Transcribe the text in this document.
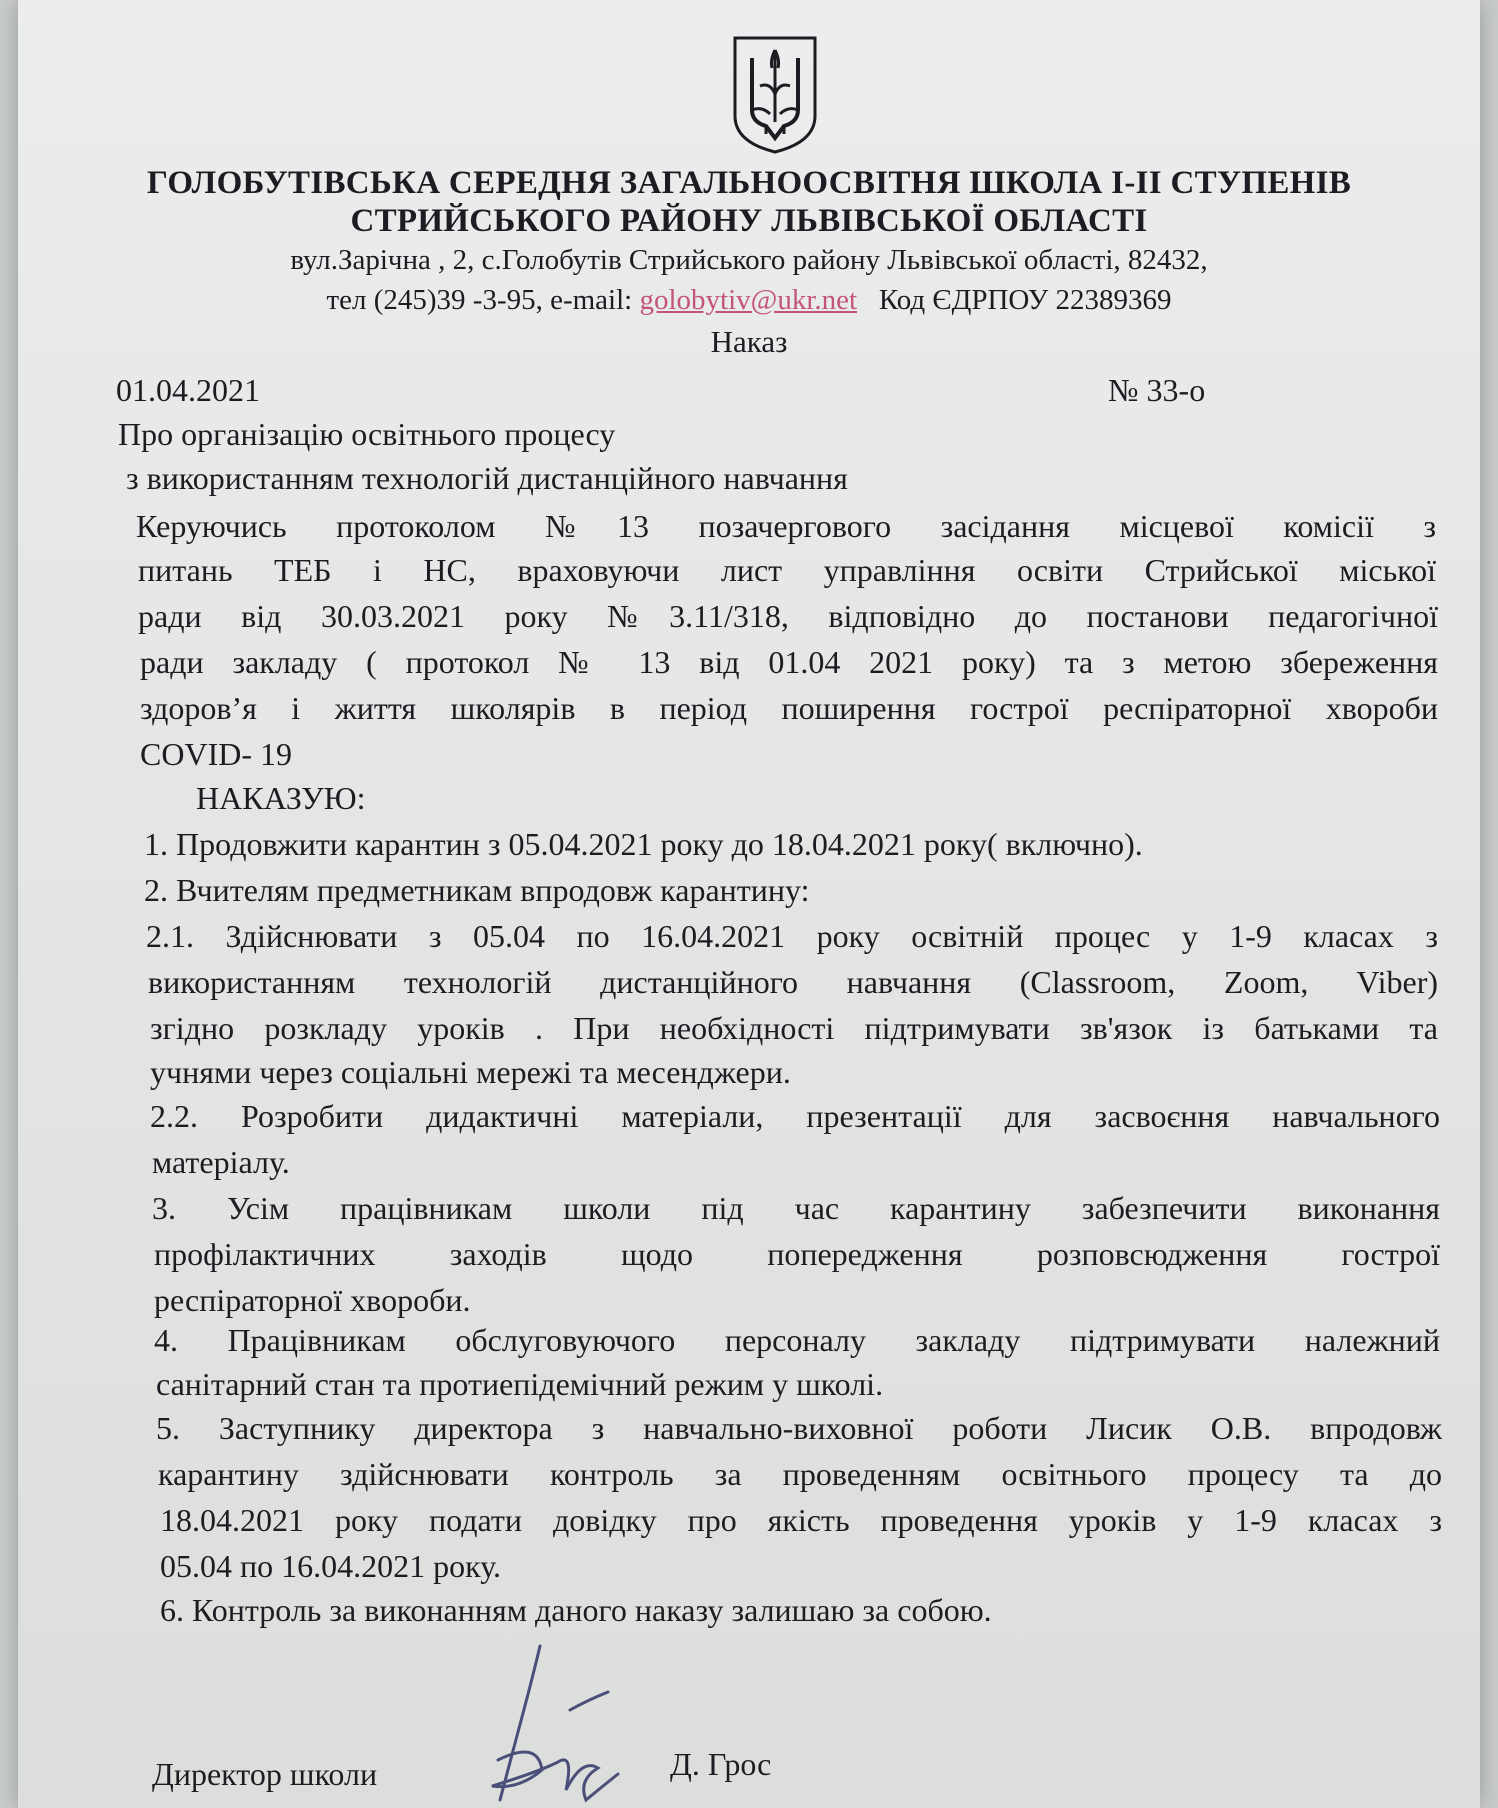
ГОЛОБУТІВСЬКА СЕРЕДНЯ ЗАГАЛЬНООСВІТНЯ ШКОЛА І-ІІ СТУПЕНІВ
СТРИЙСЬКОГО РАЙОНУ ЛЬВІВСЬКОЇ ОБЛАСТІ
вул.Зарічна , 2, с.Голобутів Стрийського району Львівської області, 82432,
тел (245)39 -3-95, e-mail: golobytiv@ukr.net Код ЄДРПОУ 22389369
Наказ
01.04.2021	№ 33-о
Про організацію освітнього процесу
з використанням технологій дистанційного навчання
Керуючись протоколом №13 позачергового засідання місцевої комісії з
питань ТЕБ і НС, враховуючи лист управління освіти Стрийської міської
ради від 30.03.2021 року №3.11/318, відповідно до постанови педагогічної
ради закладу ( протокол № 13 від 01.04 2021 року) та з метою збереження
здоров’я і життя школярів в період поширення гострої респіраторної хвороби
COVID- 19
НАКАЗУЮ:
1. Продовжити карантин з 05.04.2021 року до 18.04.2021 року( включно).
2. Вчителям предметникам впродовж карантину:
2.1. Здійснювати з 05.04 по 16.04.2021 року освітній процес у 1-9 класах з
використанням технологій дистанційного навчання (Classroom, Zoom, Viber)
згідно розкладу уроків . При необхідності підтримувати зв'язок із батьками та
учнями через соціальні мережі та месенджери.
2.2. Розробити дидактичні матеріали, презентації для засвоєння навчального
матеріалу.
3. Усім працівникам школи під час карантину забезпечити виконання
профілактичних заходів щодо попередження розповсюдження гострої
респіраторної хвороби.
4. Працівникам обслуговуючого персоналу закладу підтримувати належний
санітарний стан та протиепідемічний режим у школі.
5. Заступнику директора з навчально-виховної роботи Лисик О.В. впродовж
карантину здійснювати контроль за проведенням освітнього процесу та до
18.04.2021 року подати довідку про якість проведення уроків у 1-9 класах з
05.04 по 16.04.2021 року.
6. Контроль за виконанням даного наказу залишаю за собою.
Директор школи	Д. Грос
